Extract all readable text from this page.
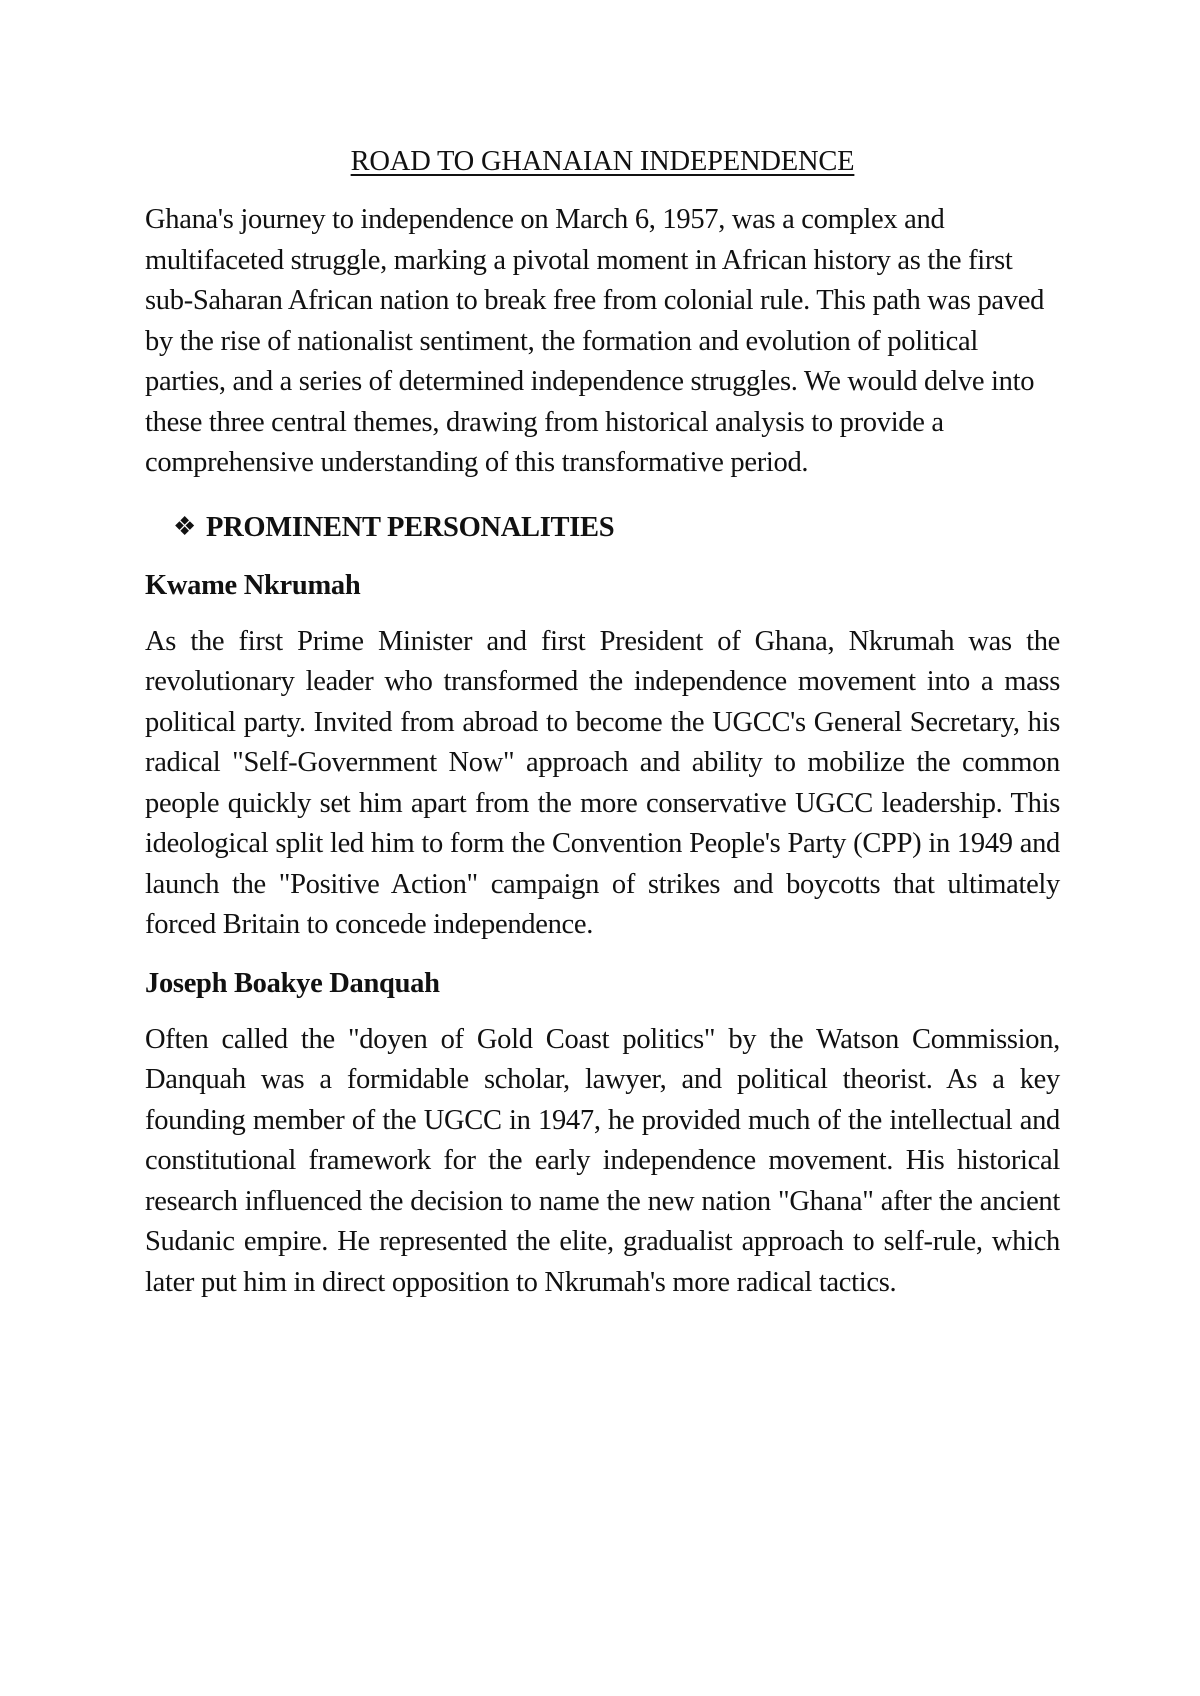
ROAD TO GHANAIAN INDEPENDENCE

Ghana's journey to independence on March 6, 1957, was a complex and multifaceted struggle, marking a pivotal moment in African history as the first sub-Saharan African nation to break free from colonial rule. This path was paved by the rise of nationalist sentiment, the formation and evolution of political parties, and a series of determined independence struggles. We would delve into these three central themes, drawing from historical analysis to provide a comprehensive understanding of this transformative period.

❖ PROMINENT PERSONALITIES
Kwame Nkrumah

As the first Prime Minister and first President of Ghana, Nkrumah was the revolutionary leader who transformed the independence movement into a mass political party. Invited from abroad to become the UGCC's General Secretary, his radical "Self-Government Now" approach and ability to mobilize the common people quickly set him apart from the more conservative UGCC leadership. This ideological split led him to form the Convention People's Party (CPP) in 1949 and launch the "Positive Action" campaign of strikes and boycotts that ultimately forced Britain to concede independence.

Joseph Boakye Danquah

Often called the "doyen of Gold Coast politics" by the Watson Commission, Danquah was a formidable scholar, lawyer, and political theorist. As a key founding member of the UGCC in 1947, he provided much of the intellectual and constitutional framework for the early independence movement. His historical research influenced the decision to name the new nation "Ghana" after the ancient Sudanic empire. He represented the elite, gradualist approach to self-rule, which later put him in direct opposition to Nkrumah's more radical tactics.
